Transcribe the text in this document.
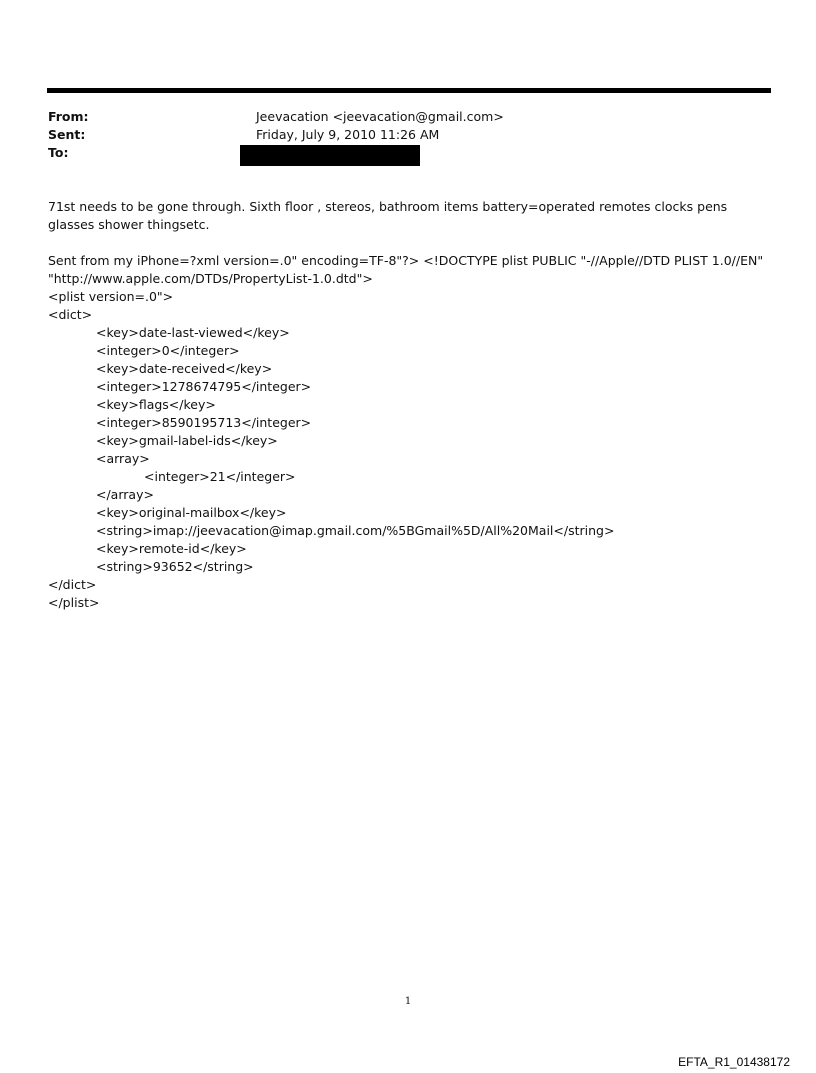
From:	Jeevacation <jeevacation@gmail.com>
Sent:	Friday, July 9, 2010 11:26 AM
To:

71st needs to be gone through. Sixth floor , stereos, bathroom items battery=operated remotes clocks pens glasses shower thingsetc.

Sent from my iPhone=?xml version=.0" encoding=TF-8"?> <!DOCTYPE plist PUBLIC "-//Apple//DTD PLIST 1.0//EN" "http://www.apple.com/DTDs/PropertyList-1.0.dtd">
<plist version=.0">
<dict>
<key>date-last-viewed</key>
<integer>0</integer>
<key>date-received</key>
<integer>1278674795</integer>
<key>flags</key>
<integer>8590195713</integer>
<key>gmail-label-ids</key>
<array>
<integer>21</integer>
</array>
<key>original-mailbox</key>
<string>imap://jeevacation@imap.gmail.com/%5BGmail%5D/All%20Mail</string>
<key>remote-id</key>
<string>93652</string>
</dict>
</plist>
1
EFTA_R1_01438172
